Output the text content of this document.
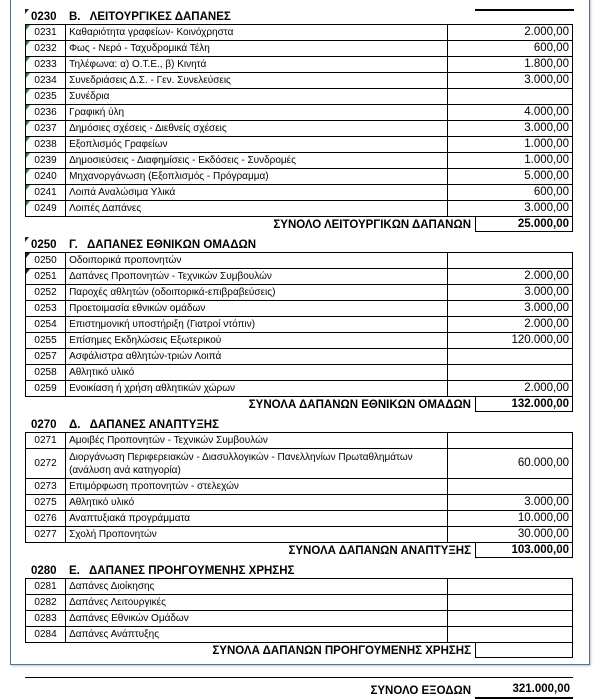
0230	Β.   ΛΕΙΤΟΥΡΓΙΚΕΣ ΔΑΠΑΝΕΣ
0231	Καθαριότητα γραφείων- Κοινόχρηστα	2.000,00

0232	Φως - Νερό - Ταχυδρομικά Τέλη	600,00

0233	Τηλέφωνα: α) Ο.Τ.Ε., β) Κινητά	1.800,00

0234	Συνεδριάσεις Δ.Σ. - Γεν. Συνελεύσεις	3.000,00

0235	Συνέδρια	

0236	Γραφική ύλη	4.000,00

0237	Δημόσιες σχέσεις - Διεθνείς σχέσεις	3.000,00

0238	Εξοπλισμός Γραφείων	1.000,00

0239	Δημοσιεύσεις - Διαφημίσεις - Εκδόσεις - Συνδρομές	1.000,00

0240	Μηχανοργάνωση (Εξοπλισμός - Πρόγραμμα)	5.000,00

0241	Λοιπά Αναλώσιμα Υλικά	600,00

0249	Λοιπές Δαπάνες	3.000,00
ΣΥΝΟΛΟ ΛΕΙΤΟΥΡΓΙΚΩΝ ΔΑΠΑΝΩΝ	25.000,00
0250	Γ.   ΔΑΠΑΝΕΣ ΕΘΝΙΚΩΝ ΟΜΑΔΩΝ
0250	Οδοιπορικά προπονητών	

0251	Δαπάνες Προπονητών - Τεχνικών Συμβουλών	2.000,00
0252	Παροχές αθλητών (οδοιπορικά-επιβραβεύσεις)	3.000,00
0253	Προετοιμασία εθνικών ομάδων	3.000,00
0254	Επιστημονική υποστήριξη (Γιατροί ντόπιν)	2.000,00
0255	Επίσημες Εκδηλώσεις Εξωτερικού	120.000,00
0257	Ασφάλιστρα αθλητών-τριών Λοιπά	
0258	Αθλητικό υλικό	
0259	Ενοικίαση ή χρήση αθλητικών χώρων	2.000,00
ΣΥΝΟΛΑ ΔΑΠΑΝΩΝ ΕΘΝΙΚΩΝ ΟΜΑΔΩΝ	132.000,00
0270	Δ.   ΔΑΠΑΝΕΣ ΑΝΑΠΤΥΞΗΣ
0271	Αμοιβές Προπονητών - Τεχνικών Συμβουλών	
0272	Διοργάνωση Περιφερειακών - Διασυλλογικών - Πανελληνίων Πρωταθλημάτων (ανάλυση ανά κατηγορία)	60.000,00
0273	Επιμόρφωση προπονητών - στελεχών	
0275	Αθλητικό υλικό	3.000,00
0276	Αναπτυξιακά προγράμματα	10.000,00
0277	Σχολή Προπονητών	30.000,00
ΣΥΝΟΛΑ ΔΑΠΑΝΩΝ ΑΝΑΠΤΥΞΗΣ	103.000,00
0280	Ε.   ΔΑΠΑΝΕΣ ΠΡΟΗΓΟΥΜΕΝΗΣ ΧΡΗΣΗΣ
0281	Δαπάνες Διοίκησης	
0282	Δαπάνες Λειτουργικές	
0283	Δαπάνες Εθνικών Ομάδων	
0284	Δαπάνες Ανάπτυξης	
ΣΥΝΟΛΑ ΔΑΠΑΝΩΝ ΠΡΟΗΓΟΥΜΕΝΗΣ ΧΡΗΣΗΣ
ΣΥΝΟΛΟ ΕΞΟΔΩΝ	321.000,00
